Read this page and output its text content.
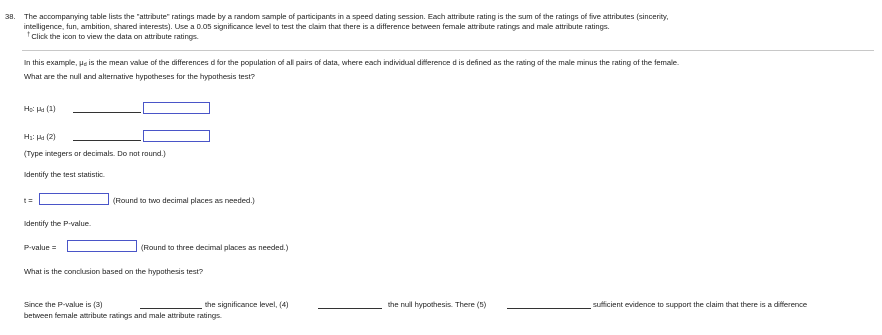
38. The accompanying table lists the "attribute" ratings made by a random sample of participants in a speed dating session. Each attribute rating is the sum of the ratings of five attributes (sincerity,
intelligence, fun, ambition, shared interests). Use a 0.05 significance level to test the claim that there is a difference between female attribute ratings and male attribute ratings.
†Click the icon to view the data on attribute ratings.
In this example, $\mu_d$ is the mean value of the differences d for the population of all pairs of data, where each individual difference d is defined as the rating of the male minus the rating of the female.
What are the null and alternative hypotheses for the hypothesis test?
$H_0$: $\mu_d$ (1)
$H_1$: $\mu_d$ (2)
(Type integers or decimals. Do not round.)
Identify the test statistic.
t =	(Round to two decimal places as needed.)
Identify the P-value.
P-value =	(Round to three decimal places as needed.)
What is the conclusion based on the hypothesis test?
Since the P-value is (3)	the significance level, (4)	the null hypothesis. There (5)	sufficient evidence to support the claim that there is a difference
between female attribute ratings and male attribute ratings.
